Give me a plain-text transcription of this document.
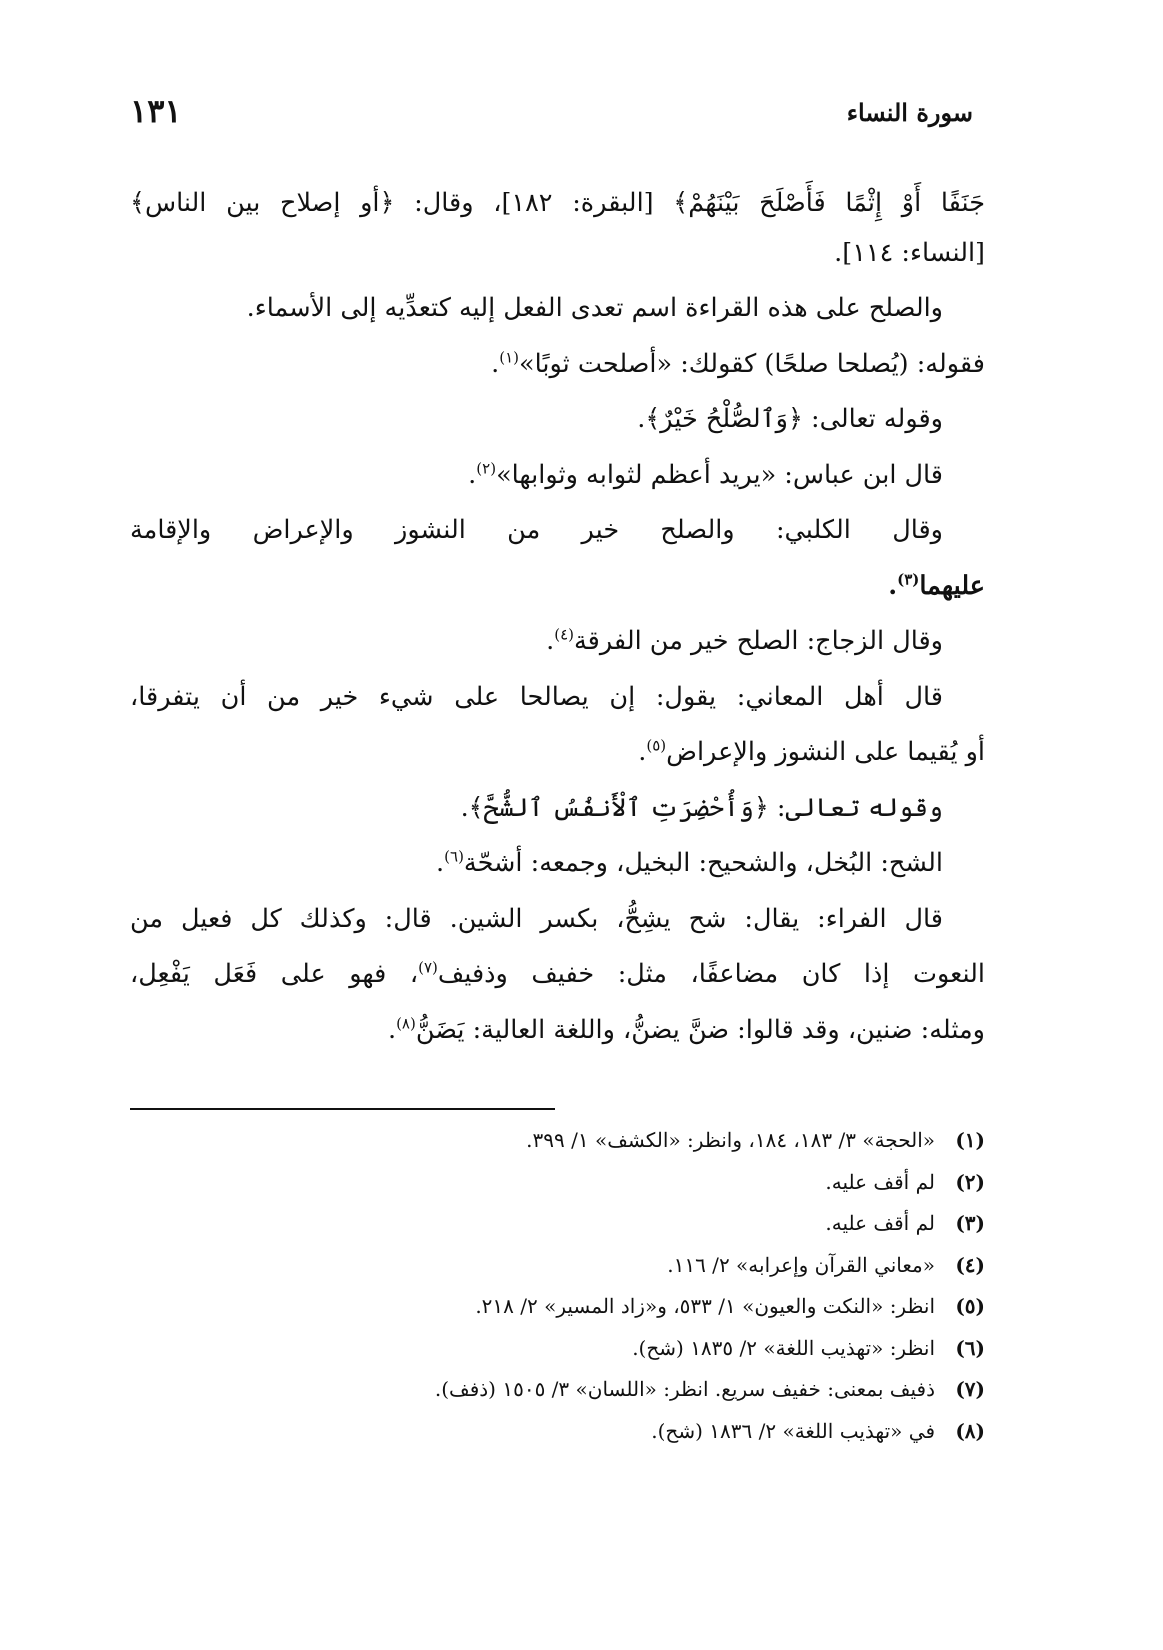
سورة النساء
١٣١
جَنَفًا أَوْ إِثْمًا فَأَصْلَحَ بَيْنَهُمْ﴾ [البقرة: ١٨٢]، وقال: ﴿أو إصلاح بين الناس﴾
[النساء: ١١٤].
والصلح على هذه القراءة اسم تعدى الفعل إليه كتعدِّيه إلى الأسماء.
فقوله: (يُصلحا صلحًا) كقولك: «أصلحت ثوبًا»$^{(١)}$.
وقوله تعالى: ﴿وَٱلصُّلْحُ خَيْرٌ﴾.
قال ابن عباس: «يريد أعظم لثوابه وثوابها»$^{(٢)}$.
وقال الكلبي: والصلح خير من النشوز والإعراض والإقامة
عليهما$^{(٣)}$.
وقال الزجاج: الصلح خير من الفرقة$^{(٤)}$.
قال أهل المعاني: يقول: إن يصالحا على شيء خير من أن يتفرقا،
أو يُقيما على النشوز والإعراض$^{(٥)}$.
وقوله تعالى: ﴿وَأُحْضِرَتِ ٱلْأَنفُسُ ٱلشُّحَّ﴾.
الشح: البُخل، والشحيح: البخيل، وجمعه: أشحّة$^{(٦)}$.
قال الفراء: يقال: شح يشِحُّ، بكسر الشين. قال: وكذلك كل فعيل من
النعوت إذا كان مضاعفًا، مثل: خفيف وذفيف$^{(٧)}$، فهو على فَعَل يَفْعِل،
ومثله: ضنين، وقد قالوا: ضنَّ يضنُّ، واللغة العالية: يَضَنُّ$^{(٨)}$.
(١)
«الحجة» ٣/ ١٨٣، ١٨٤، وانظر: «الكشف» ١/ ٣٩٩.
(٢)
لم أقف عليه.
(٣)
لم أقف عليه.
(٤)
«معاني القرآن وإعرابه» ٢/ ١١٦.
(٥)
انظر: «النكت والعيون» ١/ ٥٣٣، و«زاد المسير» ٢/ ٢١٨.
(٦)
انظر: «تهذيب اللغة» ٢/ ١٨٣٥ (شح).
(٧)
ذفيف بمعنى: خفيف سريع. انظر: «اللسان» ٣/ ١٥٠٥ (ذفف).
(٨)
في «تهذيب اللغة» ٢/ ١٨٣٦ (شح).
